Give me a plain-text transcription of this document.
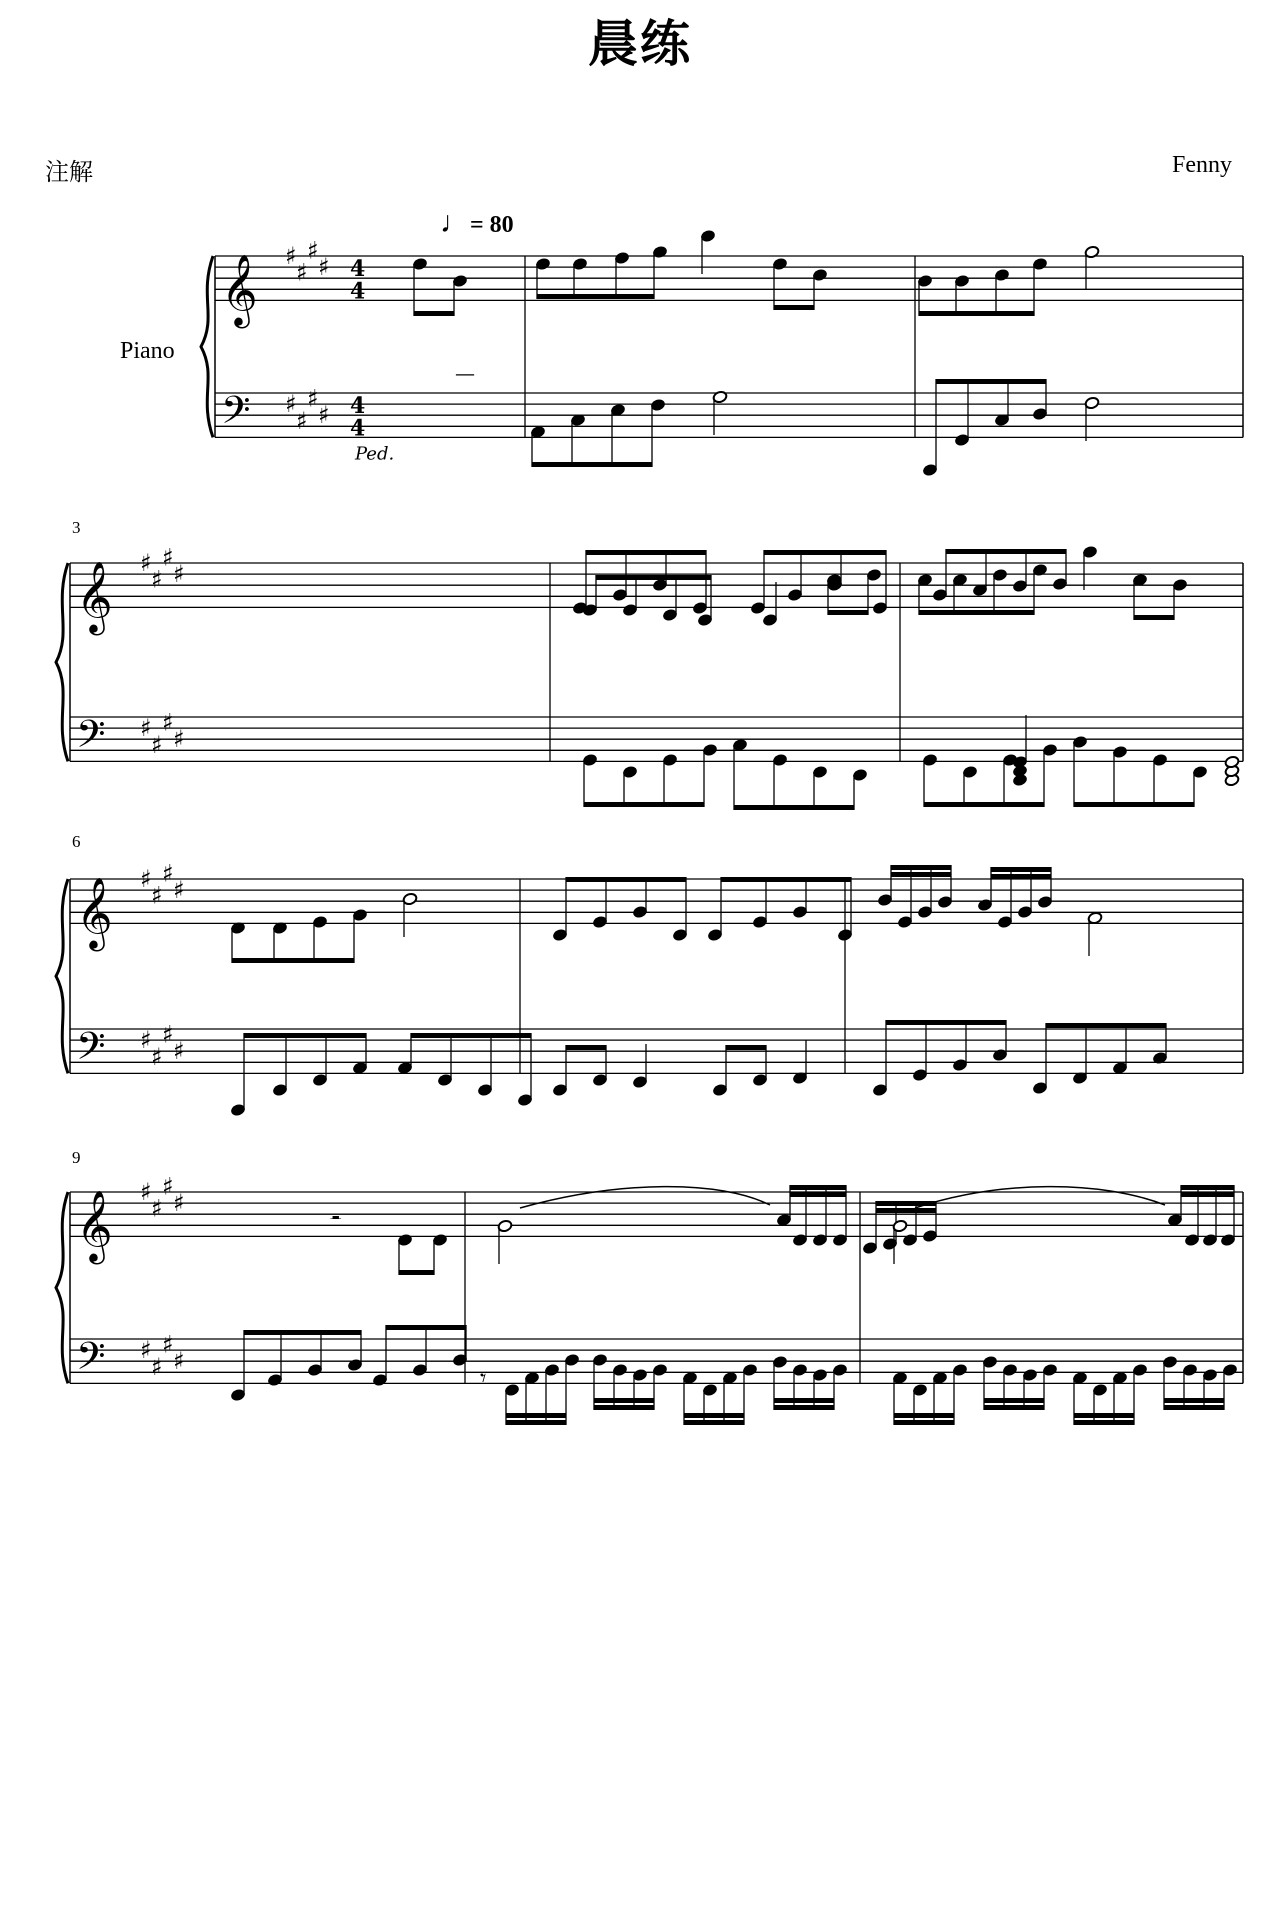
晨练
注解	Fenny
Piano
♩= 80
3
6
9
𝄞
𝄢
♯
♯
♯
♯
♯
♯
♯
♯
4
4
4
4
Ped.
𝄞
𝄢
♯
♯
♯
♯
♯
♯
♯
♯
𝄞
𝄢
♯
♯
♯
♯
♯
♯
♯
♯
𝄞
𝄢
♯
♯
♯
♯
♯
♯
♯
♯
—
𝄼
𝄾
